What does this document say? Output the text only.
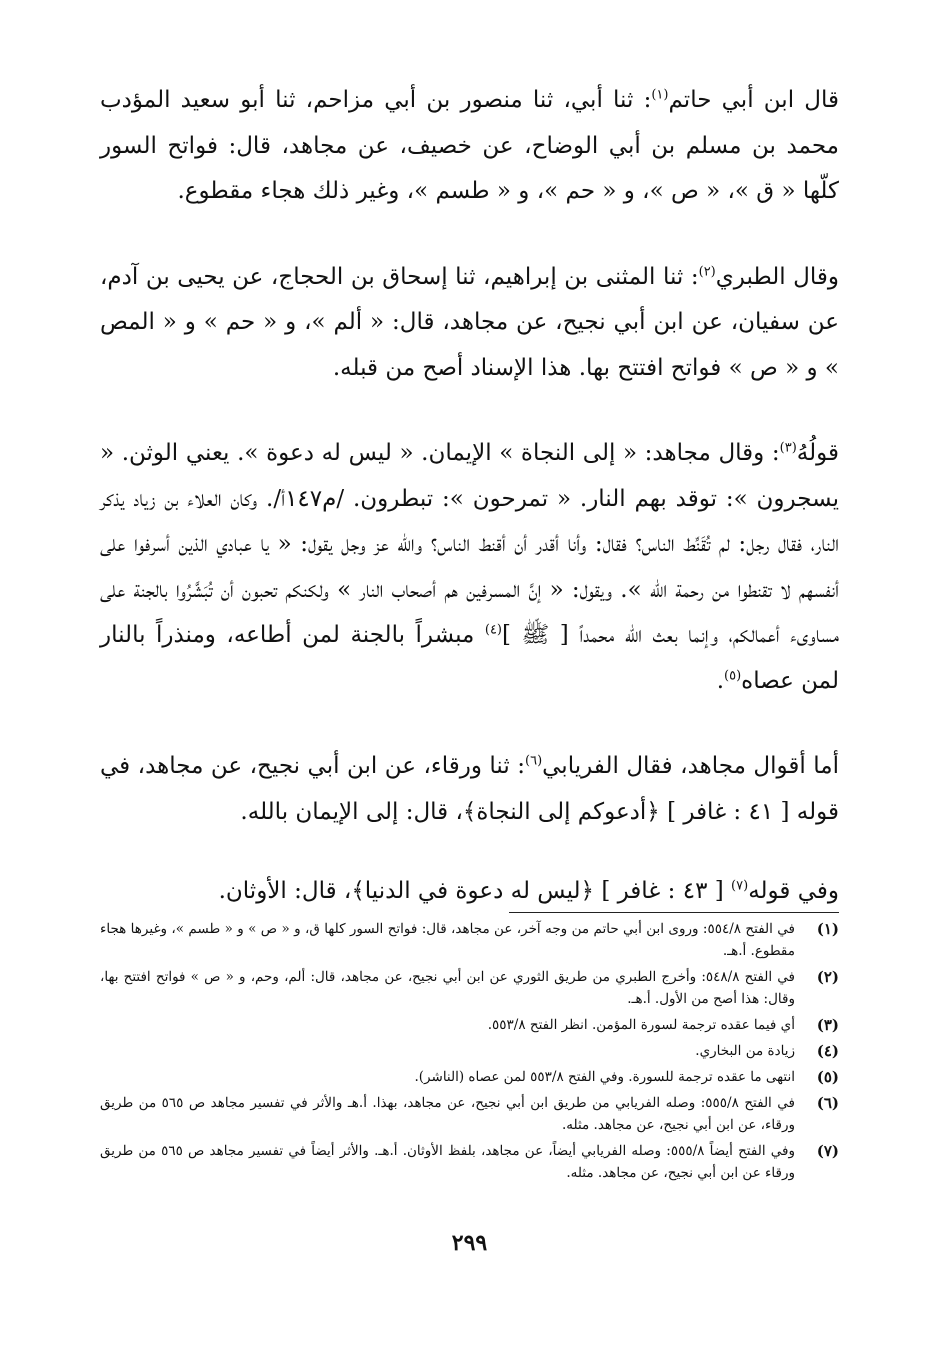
قال ابن أبي حاتم$^{(١)}$: ثنا أبي، ثنا منصور بن أبي مزاحم، ثنا أبو سعيد المؤدب محمد بن مسلم بن أبي الوضاح، عن خصيف، عن مجاهد، قال: فواتح السور كلّها « ق »، « ص »، و « حم »، و « طسم »، وغير ذلك هجاء مقطوع.

وقال الطبري$^{(٢)}$: ثنا المثنى بن إبراهيم، ثنا إسحاق بن الحجاج، عن يحيى بن آدم، عن سفيان، عن ابن أبي نجيح، عن مجاهد، قال: « ألم »، و « حم » و « المص » و « ص » فواتح افتتح بها. هذا الإسناد أصح من قبله.

قولُهُ$^{(٣)}$: وقال مجاهد: « إلى النجاة » الإيمان. « ليس له دعوة ». يعني الوثن. « يسجرون »: توقد بهم النار. « تمرحون »: تبطرون. /م١٤٧أ/. وكان العلاء بن زياد يذكر النار، فقال رجل: لم تُقَنِّط الناس؟ فقال: وأنا أقدر أن أقنط الناس؟ والله عز وجل يقول: « يا عبادي الذين أسرفوا على أنفسهم لا تقنطوا من رحمة الله ». ويقول: « إنَّ المسرفين هم أصحاب النار » ولكنكم تحبون أن تُبَشَّرُوا بالجنة على مساوىء أعمالكم، وإنما بعث الله محمداً [ ﷺ ]$^{(٤)}$ مبشراً بالجنة لمن أطاعه، ومنذراً بالنار لمن عصاه$^{(٥)}$.

أما أقوال مجاهد، فقال الفريابي$^{(٦)}$: ثنا ورقاء، عن ابن أبي نجيح، عن مجاهد، في قوله [ ٤١ : غافر ] ﴿أدعوكم إلى النجاة﴾، قال: إلى الإيمان بالله.

وفي قوله$^{(٧)}$ [ ٤٣ : غافر ] ﴿ليس له دعوة في الدنيا﴾، قال: الأوثان.

(١)
في الفتح ٥٥٤/٨: وروى ابن أبي حاتم من وجه آخر، عن مجاهد، قال: فواتح السور كلها ق، و « ص » و « طسم »، وغيرها هجاء مقطوع. أ.هـ.
(٢)
في الفتح ٥٤٨/٨: وأخرج الطبري من طريق الثوري عن ابن أبي نجيح، عن مجاهد، قال: ألم، وحم، و « ص » فواتح افتتح بها، وقال: هذا أصح من الأول. أ.هـ.
(٣)
أي فيما عقده ترجمة لسورة المؤمن. انظر الفتح ٥٥٣/٨.
(٤)
زيادة من البخاري.
(٥)
انتهى ما عقده ترجمة للسورة. وفي الفتح ٥٥٣/٨ لمن عصاه (الناشر).
(٦)
في الفتح ٥٥٥/٨: وصله الفريابي من طريق ابن أبي نجيح، عن مجاهد، بهذا. أ.هـ والأثر في تفسير مجاهد ص ٥٦٥ من طريق ورقاء، عن ابن أبي نجيح، عن مجاهد. مثله.
(٧)
وفي الفتح أيضاً ٥٥٥/٨: وصله الفريابي أيضاً، عن مجاهد، بلفظ الأوثان. أ.هـ. والأثر أيضاً في تفسير مجاهد ص ٥٦٥ من طريق ورقاء عن ابن أبي نجيح، عن مجاهد. مثله.
٢٩٩
